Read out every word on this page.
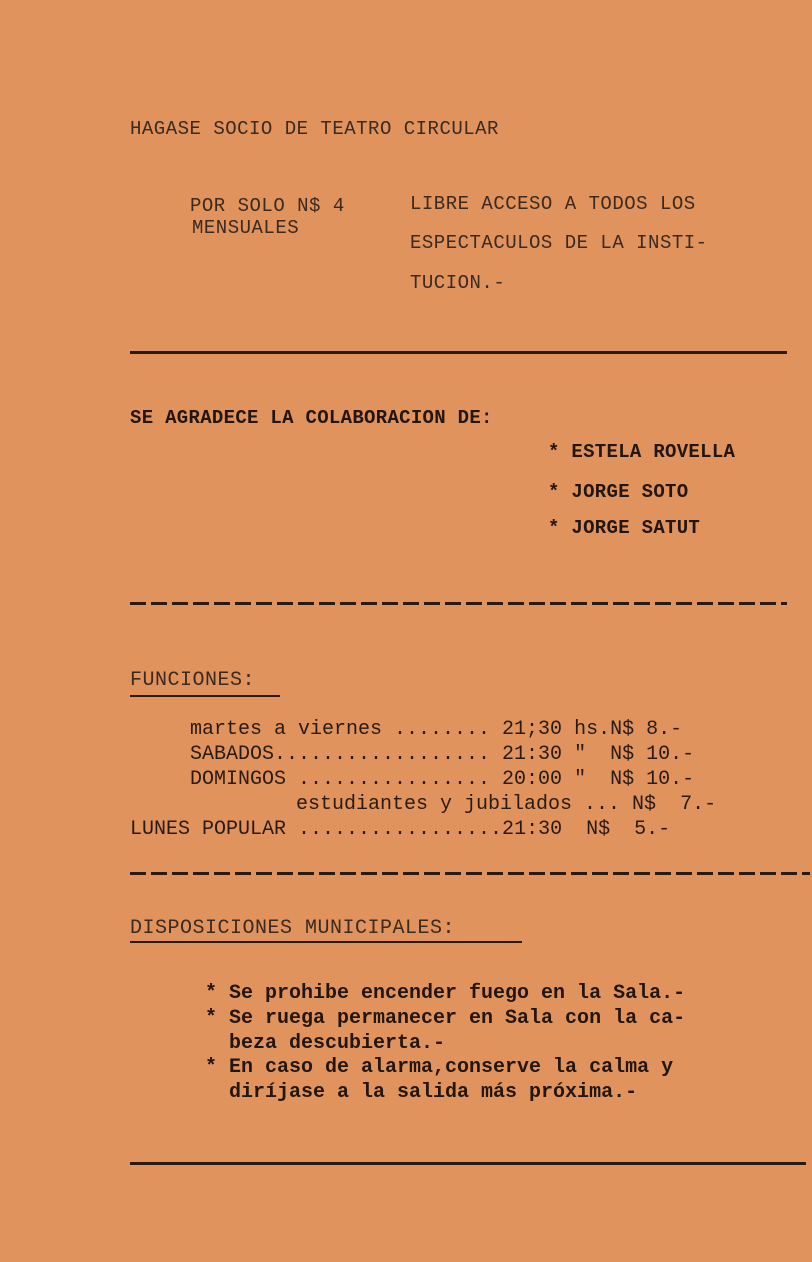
HAGASE SOCIO DE TEATRO CIRCULAR
POR SOLO N$ 4
MENSUALES
LIBRE ACCESO A TODOS LOS
ESPECTACULOS DE LA INSTI-
TUCION.-
SE AGRADECE LA COLABORACION DE:
* ESTELA ROVELLA
* JORGE SOTO
* JORGE SATUT
FUNCIONES:
martes a viernes ........ 21;30 hs.N$ 8.-
SABADOS.................. 21:30 "  N$ 10.-
DOMINGOS ................ 20:00 "  N$ 10.-
estudiantes y jubilados ... N$  7.-
LUNES POPULAR .................21:30  N$  5.-
DISPOSICIONES MUNICIPALES:
* Se prohibe encender fuego en la Sala.-
* Se ruega permanecer en Sala con la ca-
beza descubierta.-
* En caso de alarma,conserve la calma y
diríjase a la salida más próxima.-
